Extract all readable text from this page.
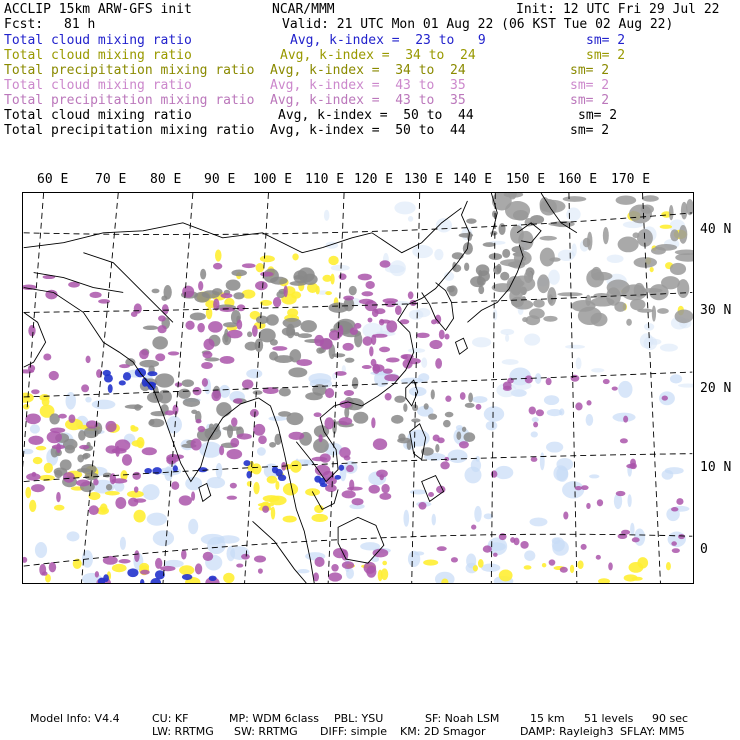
ACCLIP 15km ARW-GFS init	NCAR/MMM	Init: 12 UTC Fri 29 Jul 22
Fcst: 81 h	Valid: 21 UTC Mon 01 Aug 22 (06 KST Tue 02 Aug 22)
Total cloud mixing ratio	Avg, k-index =  23 to   9	sm= 2
Total cloud mixing ratio	Avg, k-index =  34 to  24	sm= 2
Total precipitation mixing ratio Avg, k-index =  34 to  24	sm= 2
Total cloud mixing ratio	Avg, k-index =  43 to  35	sm= 2
Total precipitation mixing ratio Avg, k-index =  43 to  35	sm= 2
Total cloud mixing ratio	Avg, k-index =  50 to  44	sm= 2
Total precipitation mixing ratio Avg, k-index =  50 to  44	sm= 2
60 E 70 E 80 E 90 E 100 E 110 E 120 E 130 E 140 E 150 E 160 E 170 E
40 N
30 N
20 N
10 N
0
Model Info: V4.4	CU: KF	MP: WDM 6class PBL: YSU	SF: Noah LSM	15 km 51 levels 90 sec
LW: RRTMG SW: RRTMG DIFF: simple KM: 2D Smagor	DAMP: Rayleigh3 SFLAY: MM5
